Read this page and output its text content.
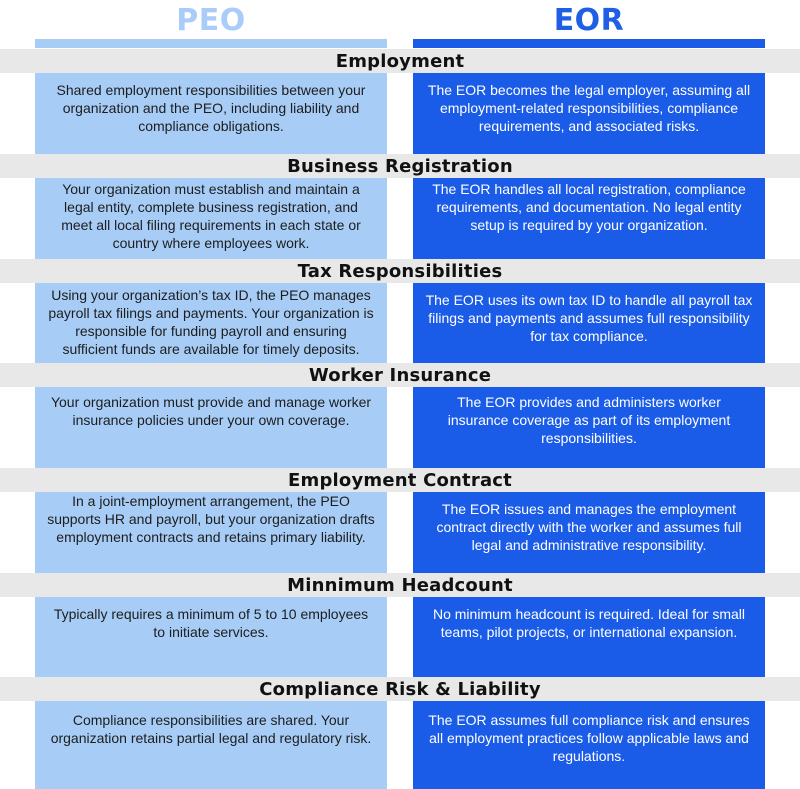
PEO	EOR
Employment
Shared employment responsibilities between your organization and the PEO, including liability and compliance obligations.
The EOR becomes the legal employer, assuming all employment-related responsibilities, compliance requirements, and associated risks.
Business Registration
Your organization must establish and maintain a legal entity, complete business registration, and meet all local filing requirements in each state or country where employees work.
The EOR handles all local registration, compliance requirements, and documentation. No legal entity setup is required by your organization.
Tax Responsibilities
Using your organization’s tax ID, the PEO manages payroll tax filings and payments. Your organization is responsible for funding payroll and ensuring sufficient funds are available for timely deposits.
The EOR uses its own tax ID to handle all payroll tax filings and payments and assumes full responsibility for tax compliance.
Worker Insurance
Your organization must provide and manage worker insurance policies under your own coverage.
The EOR provides and administers worker insurance coverage as part of its employment responsibilities.
Employment Contract
In a joint-employment arrangement, the PEO supports HR and payroll, but your organization drafts employment contracts and retains primary liability.
The EOR issues and manages the employment contract directly with the worker and assumes full legal and administrative responsibility.
Minnimum Headcount
Typically requires a minimum of 5 to 10 employees to initiate services.
No minimum headcount is required. Ideal for small teams, pilot projects, or international expansion.
Compliance Risk & Liability
Compliance responsibilities are shared. Your organization retains partial legal and regulatory risk.
The EOR assumes full compliance risk and ensures all employment practices follow applicable laws and regulations.
